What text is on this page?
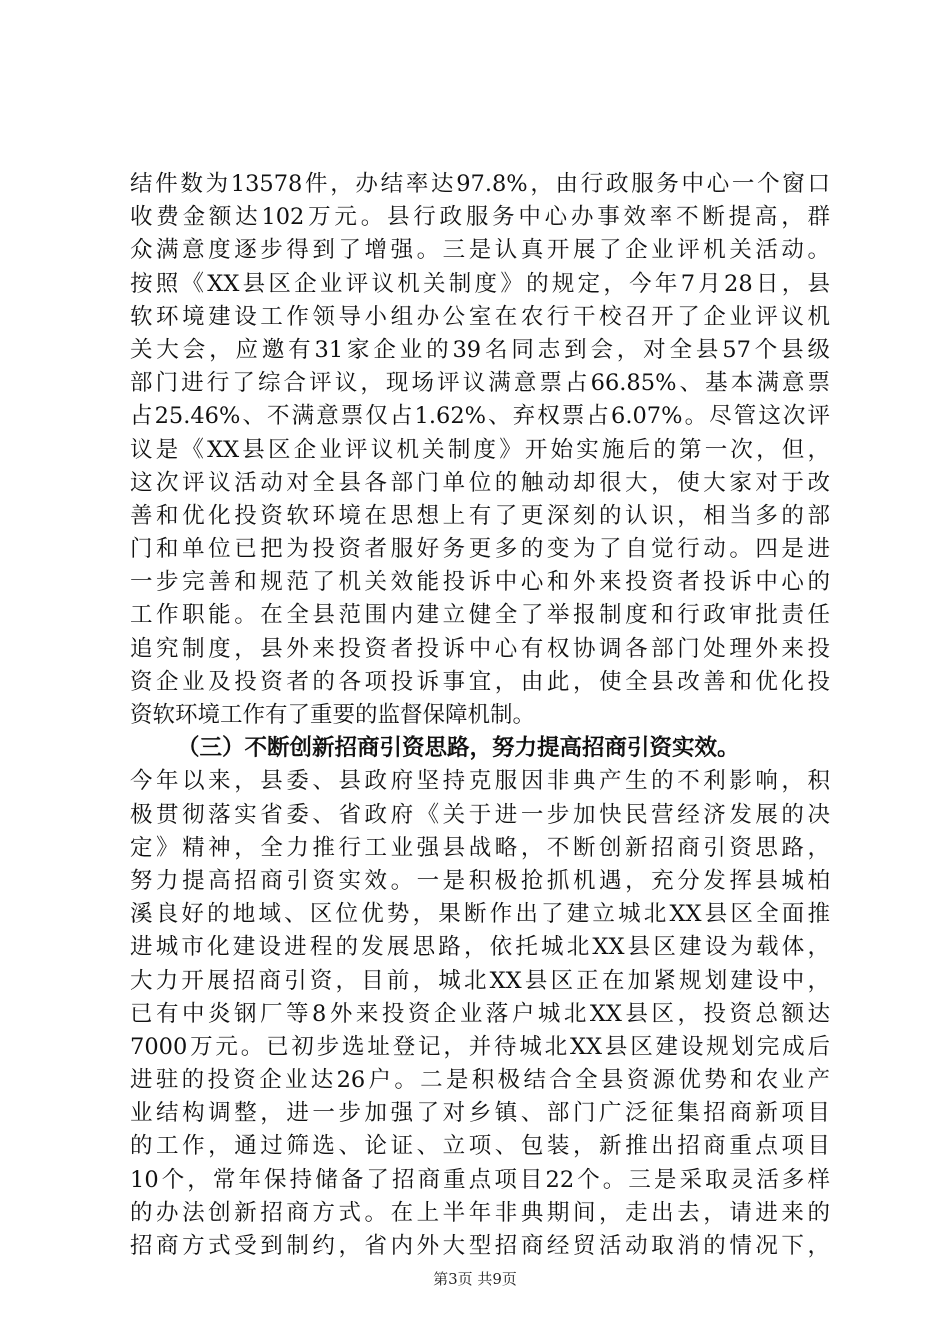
结件数为13578件，办结率达97.8%，由行政服务中心一个窗口
收费金额达102万元。县行政服务中心办事效率不断提高，群
众满意度逐步得到了增强。三是认真开展了企业评机关活动。
按照《XX县区企业评议机关制度》的规定，今年7月28日，县
软环境建设工作领导小组办公室在农行干校召开了企业评议机
关大会，应邀有31家企业的39名同志到会，对全县57个县级
部门进行了综合评议，现场评议满意票占66.85%、基本满意票
占25.46%、不满意票仅占1.62%、弃权票占6.07%。尽管这次评
议是《XX县区企业评议机关制度》开始实施后的第一次，但，
这次评议活动对全县各部门单位的触动却很大，使大家对于改
善和优化投资软环境在思想上有了更深刻的认识，相当多的部
门和单位已把为投资者服好务更多的变为了自觉行动。四是进
一步完善和规范了机关效能投诉中心和外来投资者投诉中心的
工作职能。在全县范围内建立健全了举报制度和行政审批责任
追究制度，县外来投资者投诉中心有权协调各部门处理外来投
资企业及投资者的各项投诉事宜，由此，使全县改善和优化投
资软环境工作有了重要的监督保障机制。
（三）不断创新招商引资思路，努力提高招商引资实效。
今年以来，县委、县政府坚持克服因非典产生的不利影响，积
极贯彻落实省委、省政府《关于进一步加快民营经济发展的决
定》精神，全力推行工业强县战略，不断创新招商引资思路，
努力提高招商引资实效。一是积极抢抓机遇，充分发挥县城柏
溪良好的地域、区位优势，果断作出了建立城北XX县区全面推
进城市化建设进程的发展思路，依托城北XX县区建设为载体，
大力开展招商引资，目前，城北XX县区正在加紧规划建设中，
已有中炎钢厂等8外来投资企业落户城北XX县区，投资总额达
7000万元。已初步选址登记，并待城北XX县区建设规划完成后
进驻的投资企业达26户。二是积极结合全县资源优势和农业产
业结构调整，进一步加强了对乡镇、部门广泛征集招商新项目
的工作，通过筛选、论证、立项、包装，新推出招商重点项目
10个，常年保持储备了招商重点项目22个。三是采取灵活多样
的办法创新招商方式。在上半年非典期间，走出去，请进来的
招商方式受到制约，省内外大型招商经贸活动取消的情况下，
第3页 共9页
